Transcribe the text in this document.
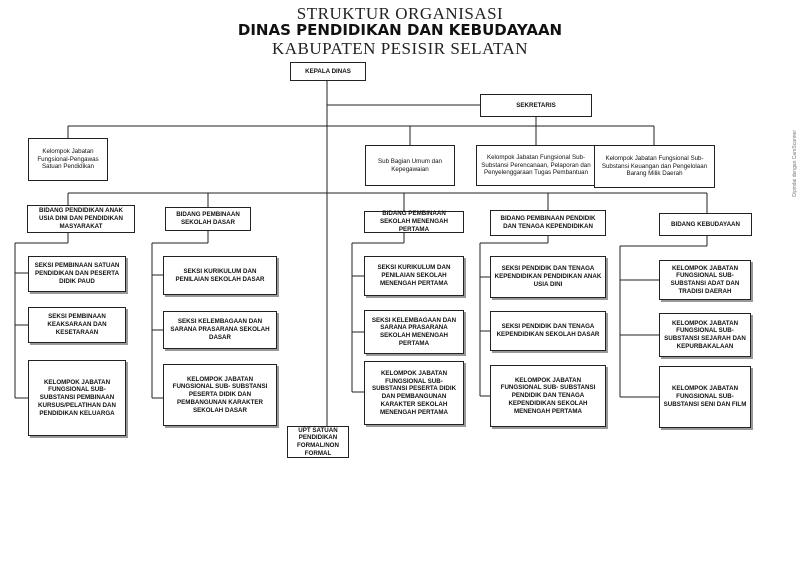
STRUKTUR ORGANISASI
DINAS PENDIDIKAN DAN KEBUDAYAAN
KABUPATEN PESISIR SELATAN
KEPALA DINAS
SEKRETARIS
Kelompok Jabatan Fungsional-Pengawas Satuan Pendidikan
Sub Bagian Umum dan Kepegawaian
Kelompok Jabatan Fungsional Sub-Substansi Perencanaan, Pelaporan dan Penyelenggaraan Tugas Pembantuan
Kelompok Jabatan Fungsional Sub-Substansi Keuangan dan Pengelolaan Barang Milik Daerah
BIDANG PENDIDIKAN ANAK USIA DINI DAN PENDIDIKAN MASYARAKAT
BIDANG PEMBINAAN SEKOLAH DASAR
BIDANG PEMBINAAN SEKOLAH MENENGAH PERTAMA
BIDANG PEMBINAAN PENDIDIK DAN TENAGA KEPENDIDIKAN	BIDANG KEBUDAYAAN
SEKSI PEMBINAAN SATUAN PENDIDIKAN DAN PESERTA DIDIK PAUD
SEKSI PEMBINAAN KEAKSARAAN DAN KESETARAAN
KELOMPOK JABATAN FUNGSIONAL SUB- SUBSTANSI PEMBINAAN KURSUS/PELATIHAN DAN PENDIDIKAN KELUARGA
SEKSI KURIKULUM DAN PENILAIAN SEKOLAH DASAR
SEKSI KELEMBAGAAN DAN SARANA PRASARANA SEKOLAH DASAR
KELOMPOK JABATAN FUNGSIONAL SUB- SUBSTANSI PESERTA DIDIK DAN PEMBANGUNAN KARAKTER SEKOLAH DASAR
SEKSI KURIKULUM DAN PENILAIAN SEKOLAH MENENGAH PERTAMA
SEKSI KELEMBAGAAN DAN SARANA PRASARANA SEKOLAH MENENGAH PERTAMA
KELOMPOK JABATAN FUNGSIONAL SUB- SUBSTANSI PESERTA DIDIK DAN PEMBANGUNAN KARAKTER SEKOLAH MENENGAH PERTAMA
SEKSI PENDIDIK DAN TENAGA KEPENDIDIKAN PENDIDIKAN ANAK USIA DINI
SEKSI PENDIDIK DAN TENAGA KEPENDIDIKAN SEKOLAH DASAR
KELOMPOK JABATAN FUNGSIONAL SUB- SUBSTANSI PENDIDIK DAN TENAGA KEPENDIDIKAN SEKOLAH MENENGAH PERTAMA
KELOMPOK JABATAN FUNGSIONAL SUB- SUBSTANSI ADAT DAN TRADISI DAERAH
KELOMPOK JABATAN FUNGSIONAL SUB- SUBSTANSI SEJARAH DAN KEPURBAKALAAN
KELOMPOK JABATAN FUNGSIONAL SUB- SUBSTANSI SENI DAN FILM
UPT SATUAN PENDIDIKAN FORMAL/NON FORMAL
Dipindai dengan CamScanner
